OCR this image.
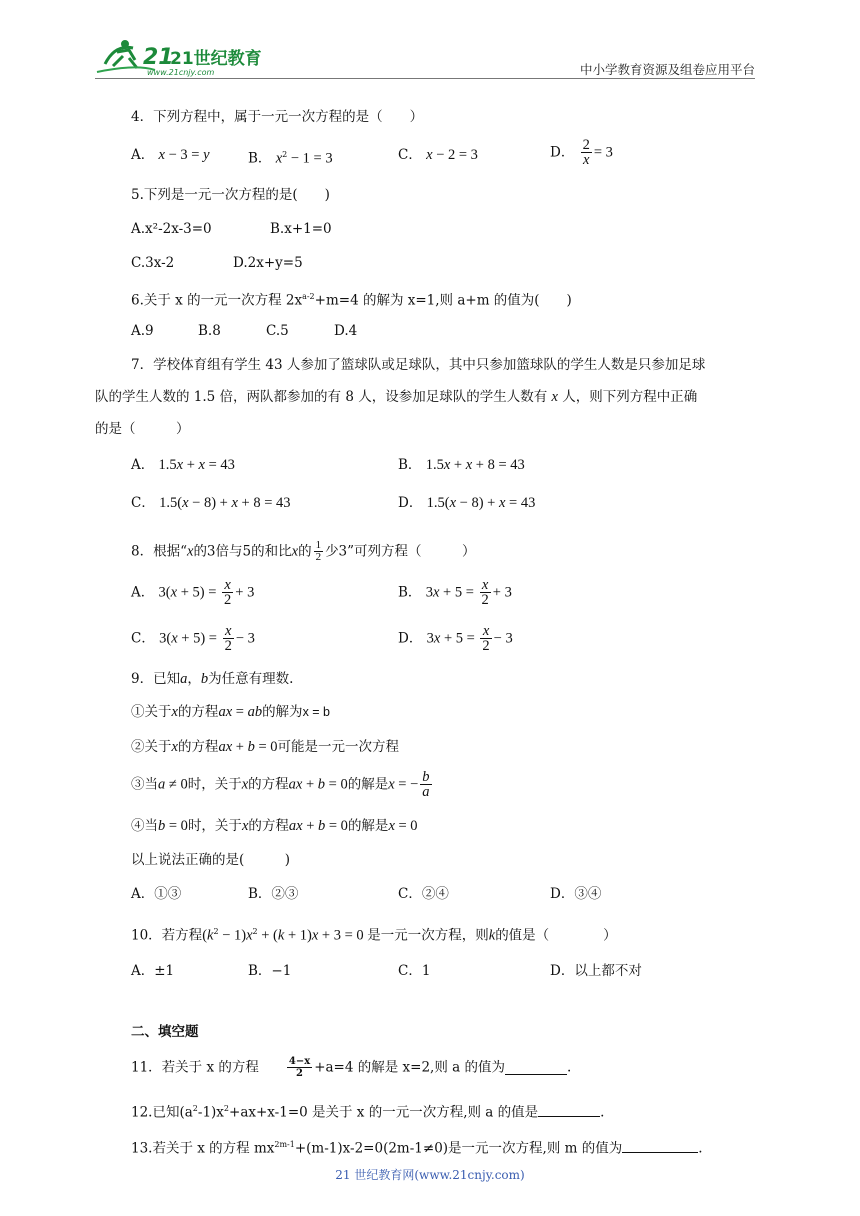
21
21世纪教育
www.21cnjy.com	中小学教育资源及组卷应用平台
4．下列方程中，属于一元一次方程的是（　　）
A． x − 3 = y	B． $x^2 - 1 = 3$	C． x − 2 = 3	D． $\frac{2}{x} = 3$
5.下列是一元一次方程的是(　　)
A.x²-2x-3=0	B.x+1=0
C.3x-2	D.2x+y=5
6.关于 x 的一元一次方程 $2x^{a-2}+m=4$ 的解为 x=1,则 a+m 的值为(　　)
A.9	B.8	C.5	D.4
7．学校体育组有学生 43 人参加了篮球队或足球队，其中只参加篮球队的学生人数是只参加足球
队的学生人数的 1.5 倍，两队都参加的有 8 人，设参加足球队的学生人数有 x 人，则下列方程中正确
的是（　　　）
A． 1.5x + x = 43	B． 1.5x + x + 8 = 43
C． 1.5(x − 8) + x + 8 = 43	D． 1.5(x − 8) + x = 43
8．根据“x的3倍与5的和比x的 $\frac{1}{2}$ 少3”可列方程（　　　）
A． $3(x + 5) = \frac{x}{2} + 3$	B． $3x + 5 = \frac{x}{2} + 3$
C． $3(x + 5) = \frac{x}{2} - 3$	D． $3x + 5 = \frac{x}{2} - 3$
9．已知a，b为任意有理数.
①关于x的方程ax = ab的解为x = b
②关于x的方程ax + b = 0可能是一元一次方程
③当a ≠ 0时，关于x的方程ax + b = 0的解是x = − $\frac{b}{a}$
④当b = 0时，关于x的方程ax + b = 0的解是x = 0
以上说法正确的是(　　　)
A．①③	B．②③	C．②④	D．③④
10．若方程$(k^2 - 1)x^2 + (k + 1)x + 3 = 0$ 是一元一次方程，则k的值是（　　　　）
A．±1	B．−1	C．1	D．以上都不对
二、填空题
11．若关于 x 的方程	$\frac{4-x}{2} +a=4$ 的解是 x=2,则 a 的值为	.
12.已知$(a^2-1)x^2+ax+x-1=0$ 是关于 x 的一元一次方程,则 a 的值是	.
13.若关于 x 的方程 $mx^{2m-1}+(m-1)x-2=0(2m-1\ne 0)$是一元一次方程,则 m 的值为	.
21 世纪教育网(www.21cnjy.com)
